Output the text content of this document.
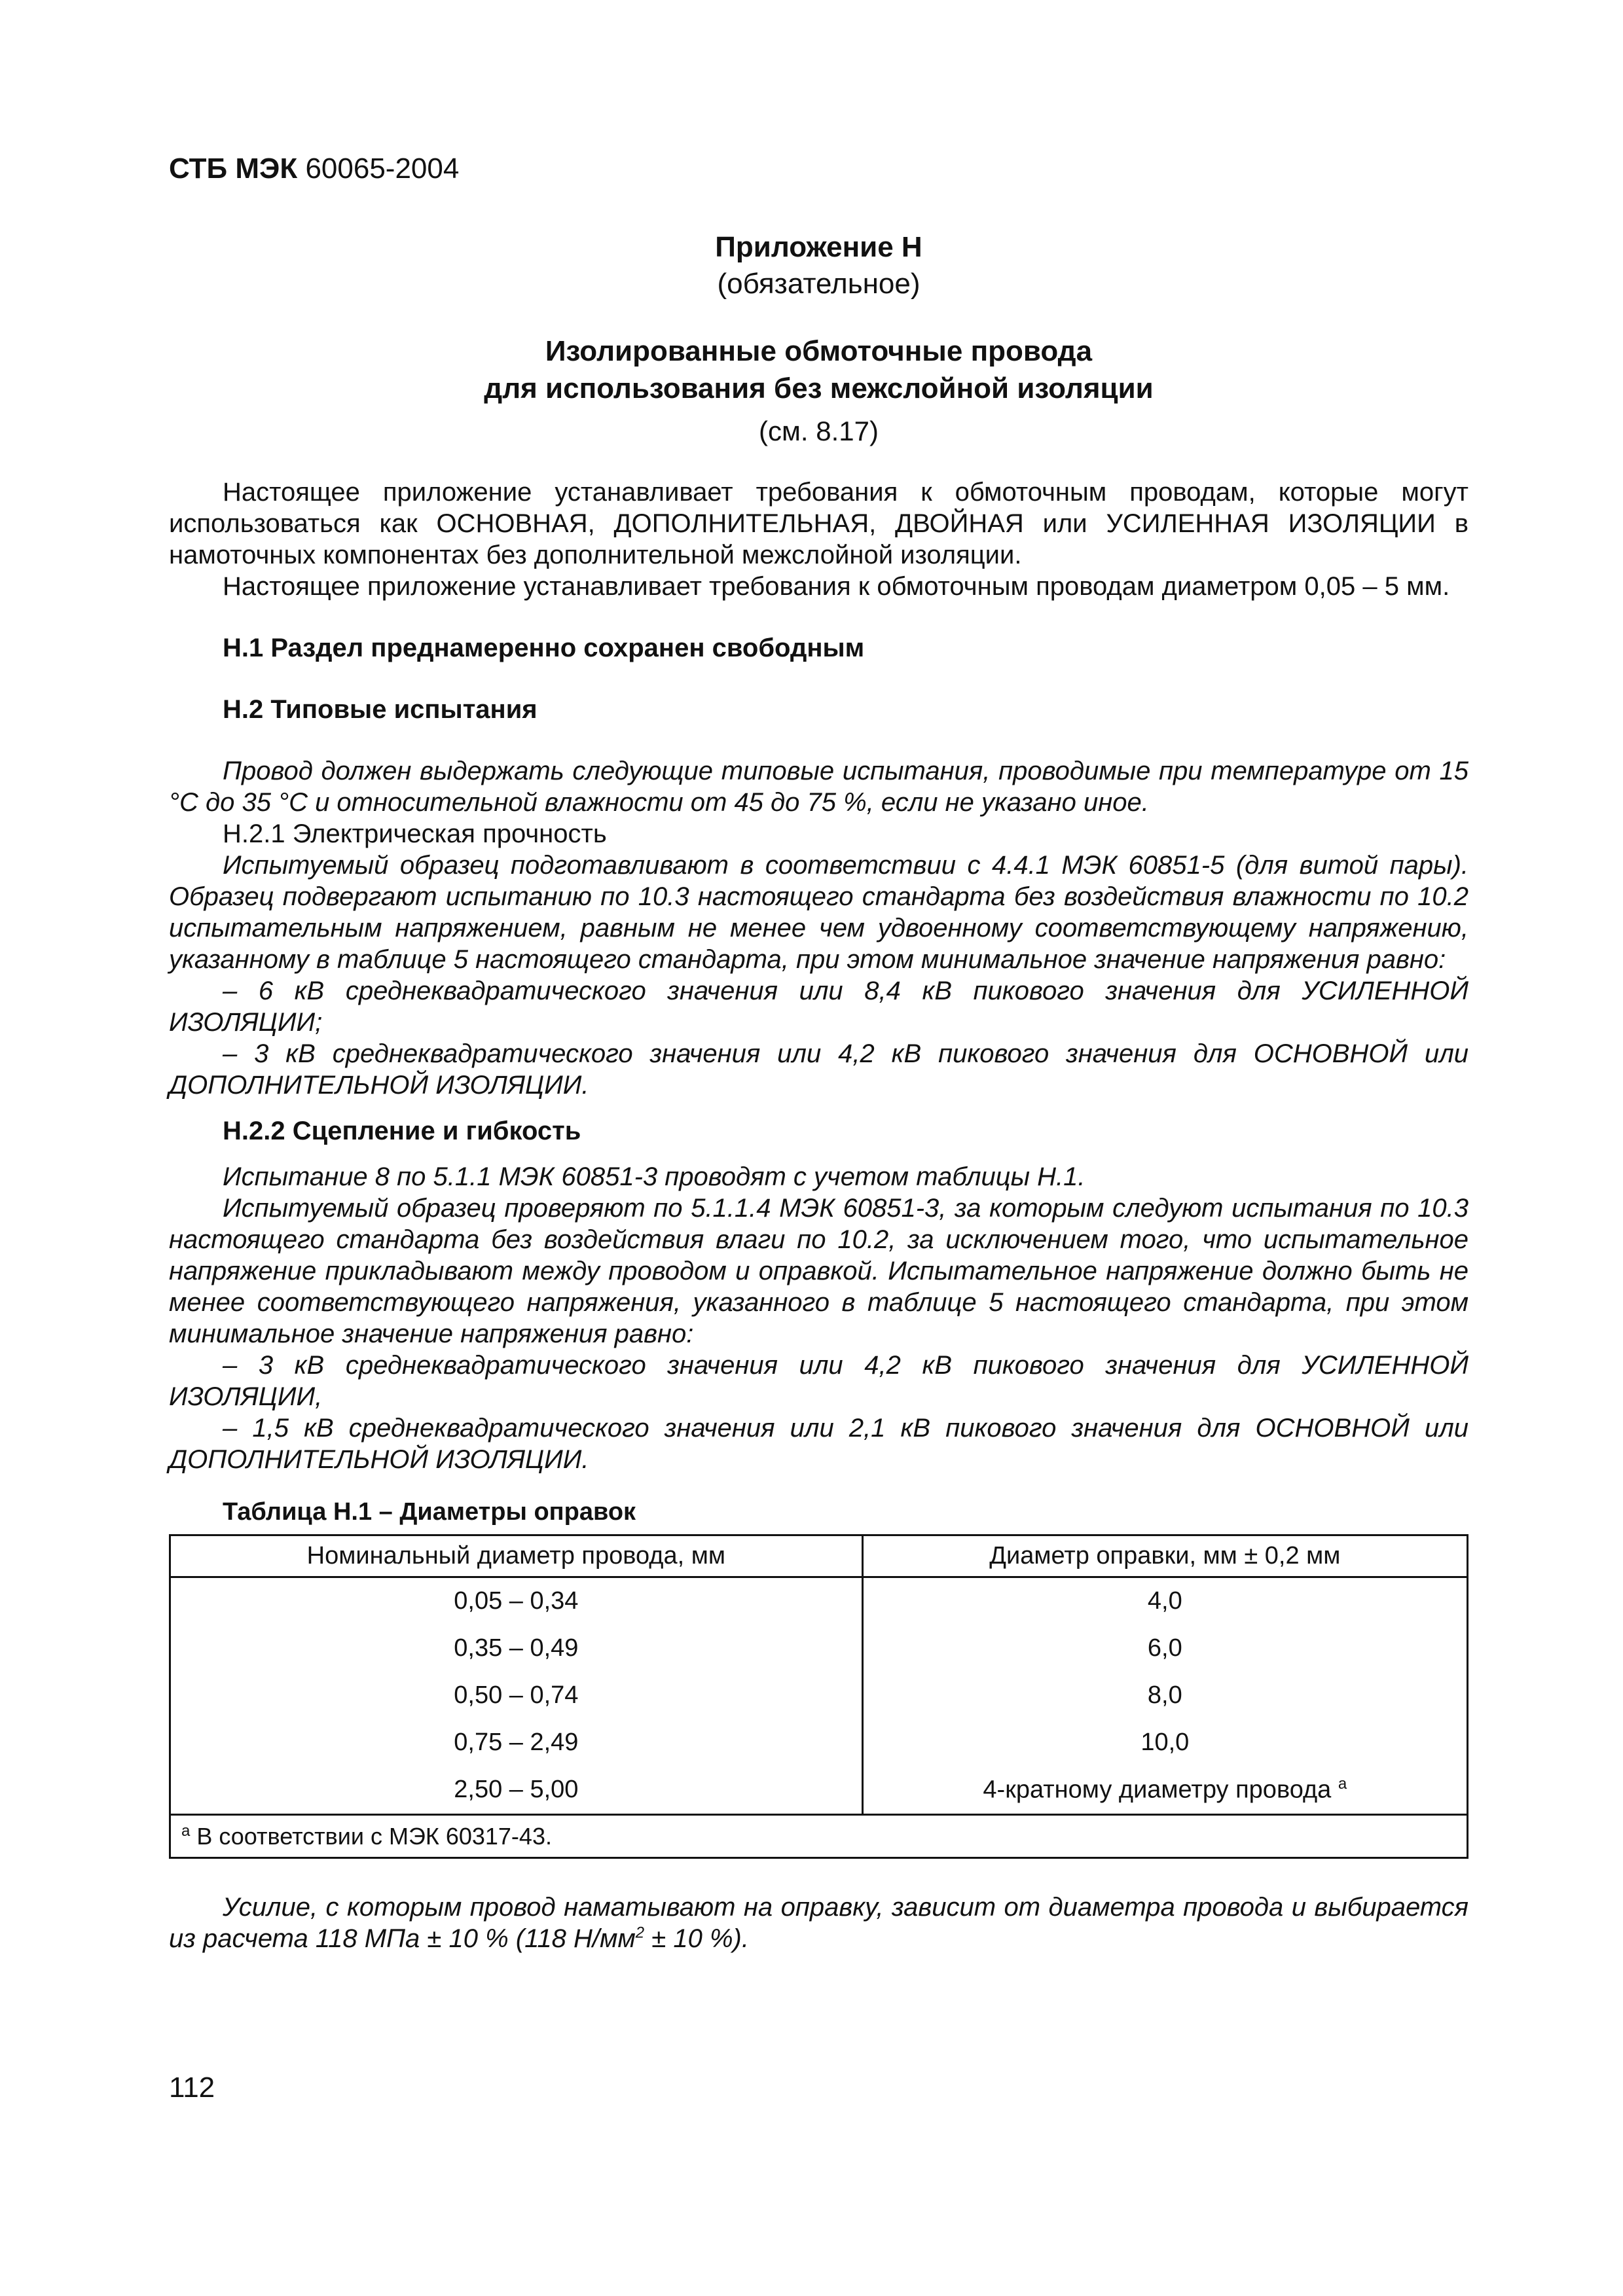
СТБ МЭК 60065-2004
Приложение Н
(обязательное)
Изолированные обмоточные провода
для использования без межслойной изоляции
(см. 8.17)

Настоящее приложение устанавливает требования к обмоточным проводам, которые могут использоваться как ОСНОВНАЯ, ДОПОЛНИТЕЛЬНАЯ, ДВОЙНАЯ или УСИЛЕННАЯ ИЗОЛЯЦИИ в намоточных компонентах без дополнительной межслойной изоляции.

Настоящее приложение устанавливает требования к обмоточным проводам диаметром 0,05 – 5 мм.

Н.1 Раздел преднамеренно сохранен свободным
Н.2 Типовые испытания

Провод должен выдержать следующие типовые испытания, проводимые при температуре от 15 °С до 35 °С и относительной влажности от 45 до 75 %, если не указано иное.

Н.2.1 Электрическая прочность

Испытуемый образец подготавливают в соответствии с 4.4.1 МЭК 60851-5 (для витой пары). Образец подвергают испытанию по 10.3 настоящего стандарта без воздействия влажности по 10.2 испытательным напряжением, равным не менее чем удвоенному соответствующему напряжению, указанному в таблице 5 настоящего стандарта, при этом минимальное значение напряжения равно:

– 6 кВ среднеквадратического значения или 8,4 кВ пикового значения для УСИЛЕННОЙ ИЗОЛЯЦИИ;

– 3 кВ среднеквадратического значения или 4,2 кВ пикового значения для ОСНОВНОЙ или ДОПОЛНИТЕЛЬНОЙ ИЗОЛЯЦИИ.

Н.2.2 Сцепление и гибкость

Испытание 8 по 5.1.1 МЭК 60851-3 проводят с учетом таблицы Н.1.

Испытуемый образец проверяют по 5.1.1.4 МЭК 60851-3, за которым следуют испытания по 10.3 настоящего стандарта без воздействия влаги по 10.2, за исключением того, что испытательное напряжение прикладывают между проводом и оправкой. Испытательное напряжение должно быть не менее соответствующего напряжения, указанного в таблице 5 настоящего стандарта, при этом минимальное значение напряжения равно:

– 3 кВ среднеквадратического значения или 4,2 кВ пикового значения для УСИЛЕННОЙ ИЗОЛЯЦИИ,

– 1,5 кВ среднеквадратического значения или 2,1 кВ пикового значения для ОСНОВНОЙ или ДОПОЛНИТЕЛЬНОЙ ИЗОЛЯЦИИ.

Таблица Н.1 – Диаметры оправок
Номинальный диаметр провода, мм	Диаметр оправки, мм ± 0,2 мм
0,05 – 0,34	4,0
0,35 – 0,49	6,0
0,50 – 0,74	8,0
0,75 – 2,49	10,0
2,50 – 5,00	4-кратному диаметру провода $^а$
$^а$ В соответствии с МЭК 60317-43.	

Усилие, с которым провод наматывают на оправку, зависит от диаметра провода и выбирается из расчета 118 МПа ± 10 % (118 $Н/мм^2 \pm 10$ %).

112
